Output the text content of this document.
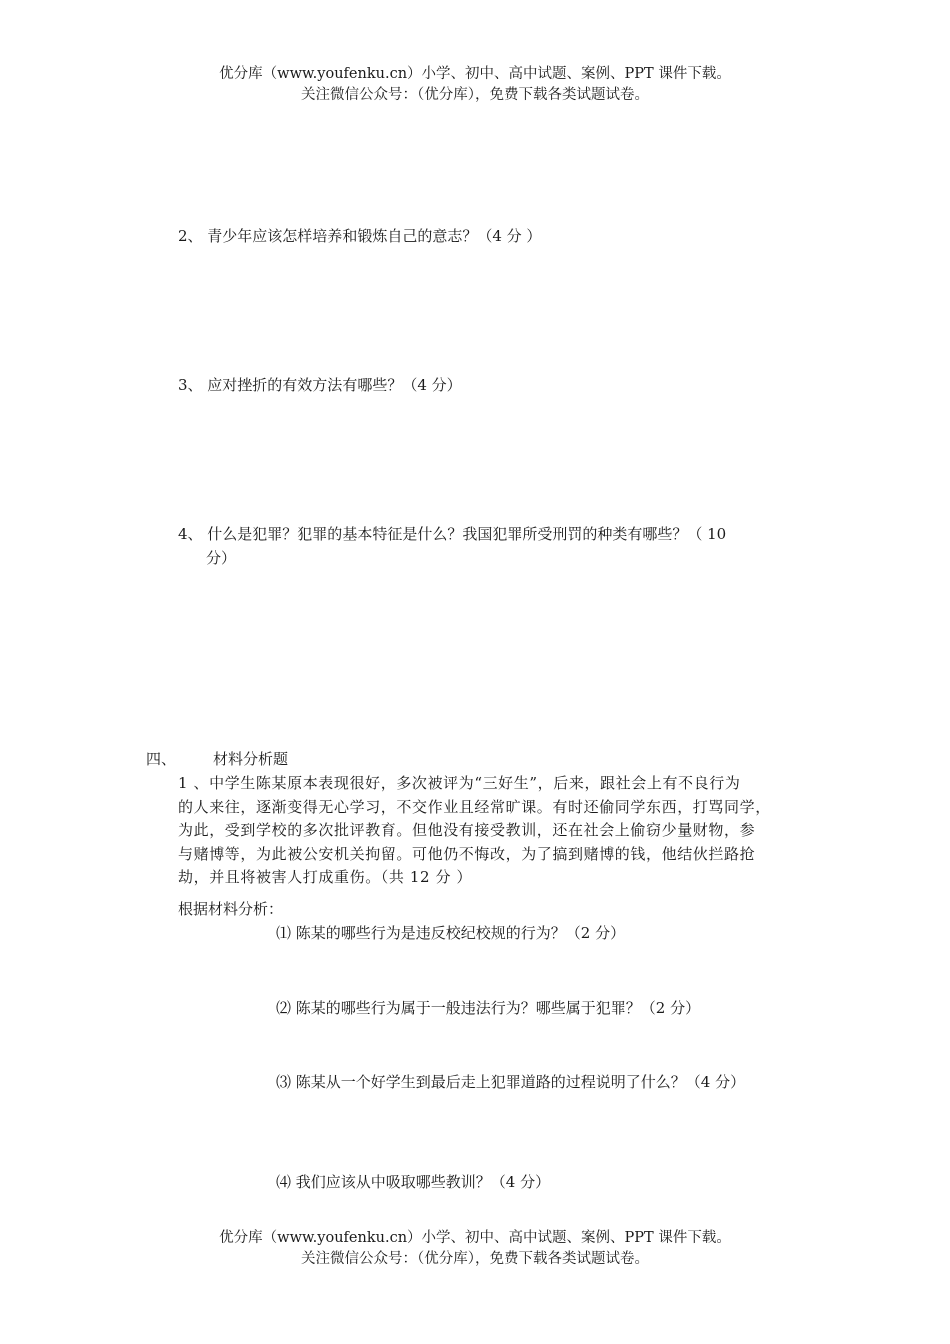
优分库（www.youfenku.cn）小学、初中、高中试题、案例、PPT 课件下载。
关注微信公众号：（优分库），免费下载各类试题试卷。
2、 青少年应该怎样培养和锻炼自己的意志？（4 分 ）
3、 应对挫折的有效方法有哪些？（4 分）
4、 什么是犯罪？犯罪的基本特征是什么？我国犯罪所受刑罚的种类有哪些？（ 10
分）
四、 材料分析题
1 、中学生陈某原本表现很好，多次被评为“三好生”，后来，跟社会上有不良行为
的人来往，逐渐变得无心学习，不交作业且经常旷课。有时还偷同学东西，打骂同学，
为此，受到学校的多次批评教育。但他没有接受教训，还在社会上偷窃少量财物，参
与赌博等，为此被公安机关拘留。可他仍不悔改，为了搞到赌博的钱，他结伙拦路抢
劫，并且将被害人打成重伤。（共 12 分 ）
根据材料分析：
⑴ 陈某的哪些行为是违反校纪校规的行为？（2 分）
⑵ 陈某的哪些行为属于一般违法行为？哪些属于犯罪？（2 分）
⑶ 陈某从一个好学生到最后走上犯罪道路的过程说明了什么？（4 分）
⑷ 我们应该从中吸取哪些教训？（4 分）
优分库（www.youfenku.cn）小学、初中、高中试题、案例、PPT 课件下载。
关注微信公众号：（优分库），免费下载各类试题试卷。
